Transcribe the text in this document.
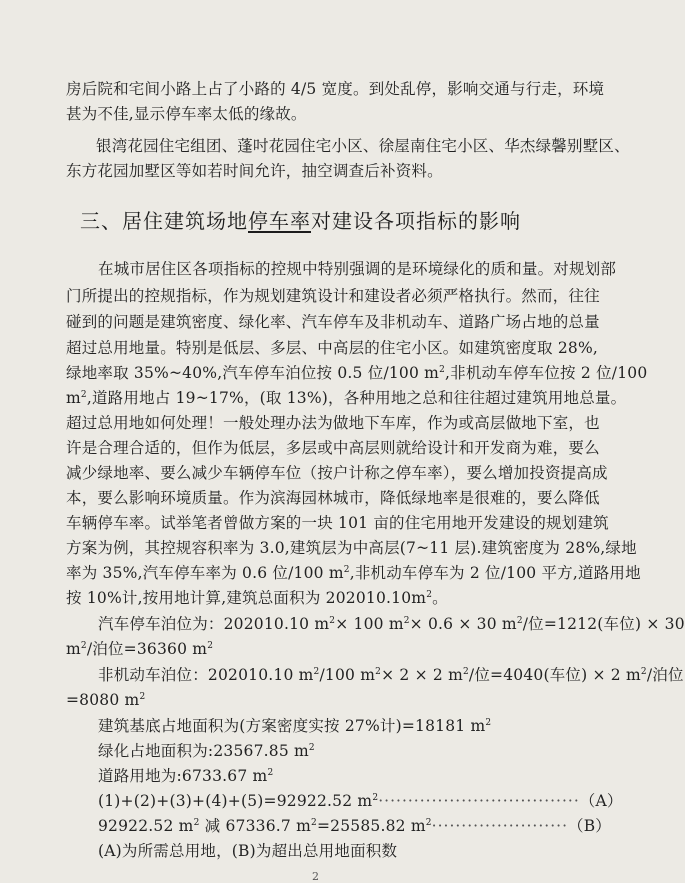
房后院和宅间小路上占了小路的 4/5 宽度。到处乱停，影响交通与行走，环境
甚为不佳,显示停车率太低的缘故。
银湾花园住宅组团、蓬吋花园住宅小区、徐屋南住宅小区、华杰绿馨别墅区、
东方花园加墅区等如若时间允许，抽空调查后补资料。
三、居住建筑场地停车率对建设各项指标的影响
在城市居住区各项指标的控规中特别强调的是环境绿化的质和量。对规划部
门所提出的控规指标，作为规划建筑设计和建设者必须严格执行。然而，往往
碰到的问题是建筑密度、绿化率、汽车停车及非机动车、道路广场占地的总量
超过总用地量。特别是低层、多层、中高层的住宅小区。如建筑密度取 28%,
绿地率取 35%~40%,汽车停车泊位按 0.5 位/100 $m^2$,非机动车停车位按 2 位/100
$m^2$,道路用地占 19~17%，(取 13%)，各种用地之总和往往超过建筑用地总量。
超过总用地如何处理！一般处理办法为做地下车库，作为或高层做地下室，也
许是合理合适的，但作为低层，多层或中高层则就给设计和开发商为难，要么
减少绿地率、要么减少车辆停车位（按户计称之停车率），要么增加投资提高成
本，要么影响环境质量。作为滨海园林城市，降低绿地率是很难的，要么降低
车辆停车率。试举笔者曾做方案的一块 101 亩的住宅用地开发建设的规划建筑
方案为例，其控规容积率为 3.0,建筑层为中高层(7~11 层).建筑密度为 28%,绿地
率为 35%,汽车停车率为 0.6 位/100 $m^2$,非机动车停车为 2 位/100 平方,道路用地
按 10%计,按用地计算,建筑总面积为 $202010.10m^2$。
汽车停车泊位为：202010.10 $m^2\times 100$ $m^2\times 0.6 \times 30$ $m^2/$位=1212(车位) × 30
$m^2/$泊位=36360 $m^2$
非机动车泊位：202010.10 $m^2/100$ $m^2\times 2 \times 2$ $m^2/$位=4040(车位) × 2 $m^2/$泊位
=8080 $m^2$
建筑基底占地面积为(方案密度实按 27%计)=18181 $m^2$
绿化占地面积为:23567.85 $m^2$
道路用地为:6733.67 $m^2$
(1)+(2)+(3)+(4)+(5)=92922.52 $m^2\cdot\cdot\cdot\cdot\cdot\cdot\cdot\cdot\cdot\cdot\cdot\cdot\cdot\cdot\cdot\cdot\cdot\cdot\cdot\cdot\cdot\cdot\cdot\cdot\cdot\cdot\cdot\cdot\cdot\cdot\cdot\cdot\cdot\cdot(A)$
92922.52 $m^2$ 减 67336.7 $m^2=25585.82$ $m^2\cdot\cdot\cdot\cdot\cdot\cdot\cdot\cdot\cdot\cdot\cdot\cdot\cdot\cdot\cdot\cdot\cdot\cdot\cdot\cdot\cdot\cdot\cdot(B)$
(A)为所需总用地，(B)为超出总用地面积数
2
